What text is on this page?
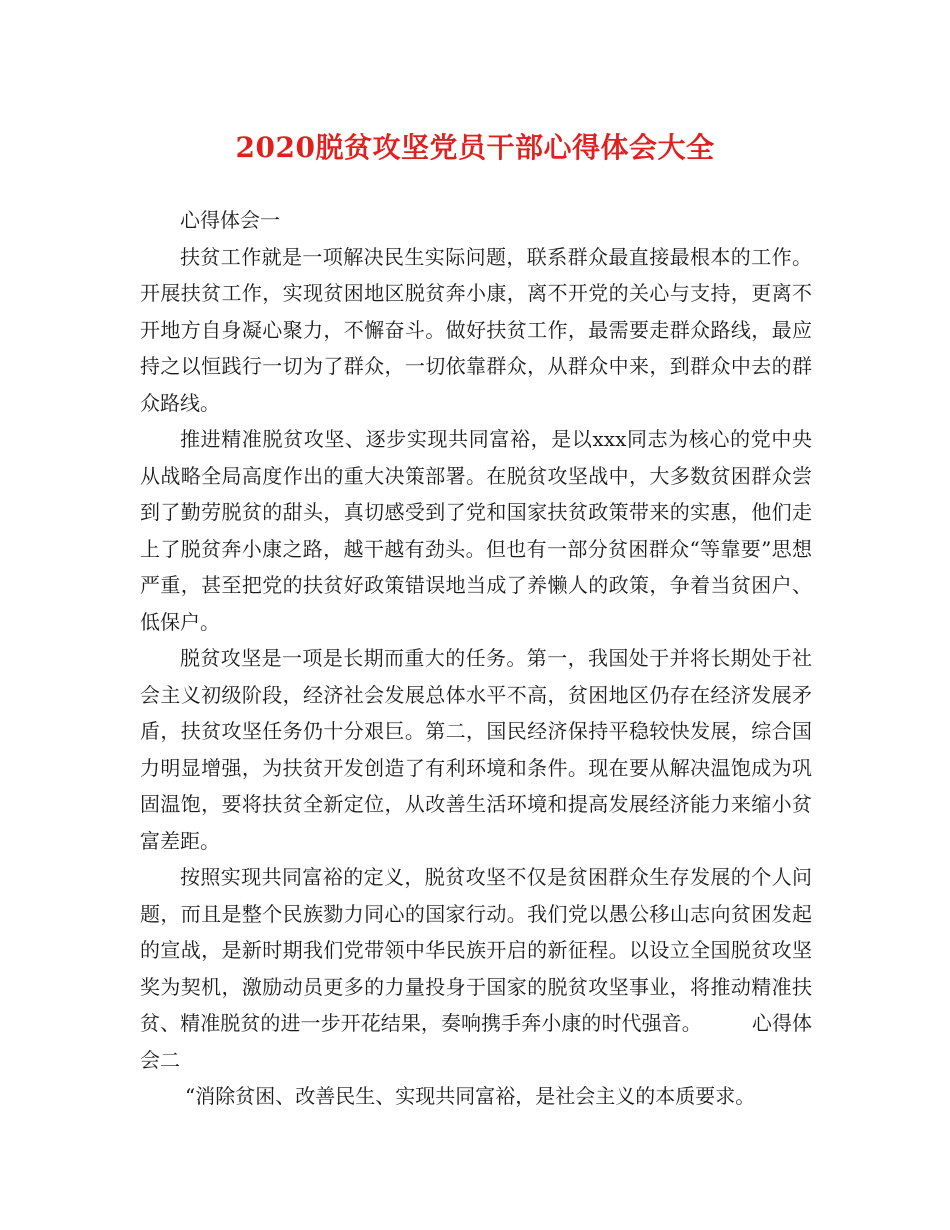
2020脱贫攻坚党员干部心得体会大全

心得体会一

扶贫工作就是一项解决民生实际问题，联系群众最直接最根本的工作。开展扶贫工作，实现贫困地区脱贫奔小康，离不开党的关心与支持，更离不开地方自身凝心聚力，不懈奋斗。做好扶贫工作，最需要走群众路线，最应持之以恒践行一切为了群众，一切依靠群众，从群众中来，到群众中去的群众路线。

推进精准脱贫攻坚、逐步实现共同富裕，是以xxx同志为核心的党中央从战略全局高度作出的重大决策部署。在脱贫攻坚战中，大多数贫困群众尝到了勤劳脱贫的甜头，真切感受到了党和国家扶贫政策带来的实惠，他们走上了脱贫奔小康之路，越干越有劲头。但也有一部分贫困群众“等靠要”思想严重，甚至把党的扶贫好政策错误地当成了养懒人的政策，争着当贫困户、低保户。

脱贫攻坚是一项是长期而重大的任务。第一，我国处于并将长期处于社会主义初级阶段，经济社会发展总体水平不高，贫困地区仍存在经济发展矛盾，扶贫攻坚任务仍十分艰巨。第二，国民经济保持平稳较快发展，综合国力明显增强，为扶贫开发创造了有利环境和条件。现在要从解决温饱成为巩固温饱，要将扶贫全新定位，从改善生活环境和提高发展经济能力来缩小贫富差距。

按照实现共同富裕的定义，脱贫攻坚不仅是贫困群众生存发展的个人问题，而且是整个民族勠力同心的国家行动。我们党以愚公移山志向贫困发起的宣战，是新时期我们党带领中华民族开启的新征程。以设立全国脱贫攻坚奖为契机，激励动员更多的力量投身于国家的脱贫攻坚事业，将推动精准扶贫、精准脱贫的进一步开花结果，奏响携手奔小康的时代强音。	心得体会二

“消除贫困、改善民生、实现共同富裕，是社会主义的本质要求。
